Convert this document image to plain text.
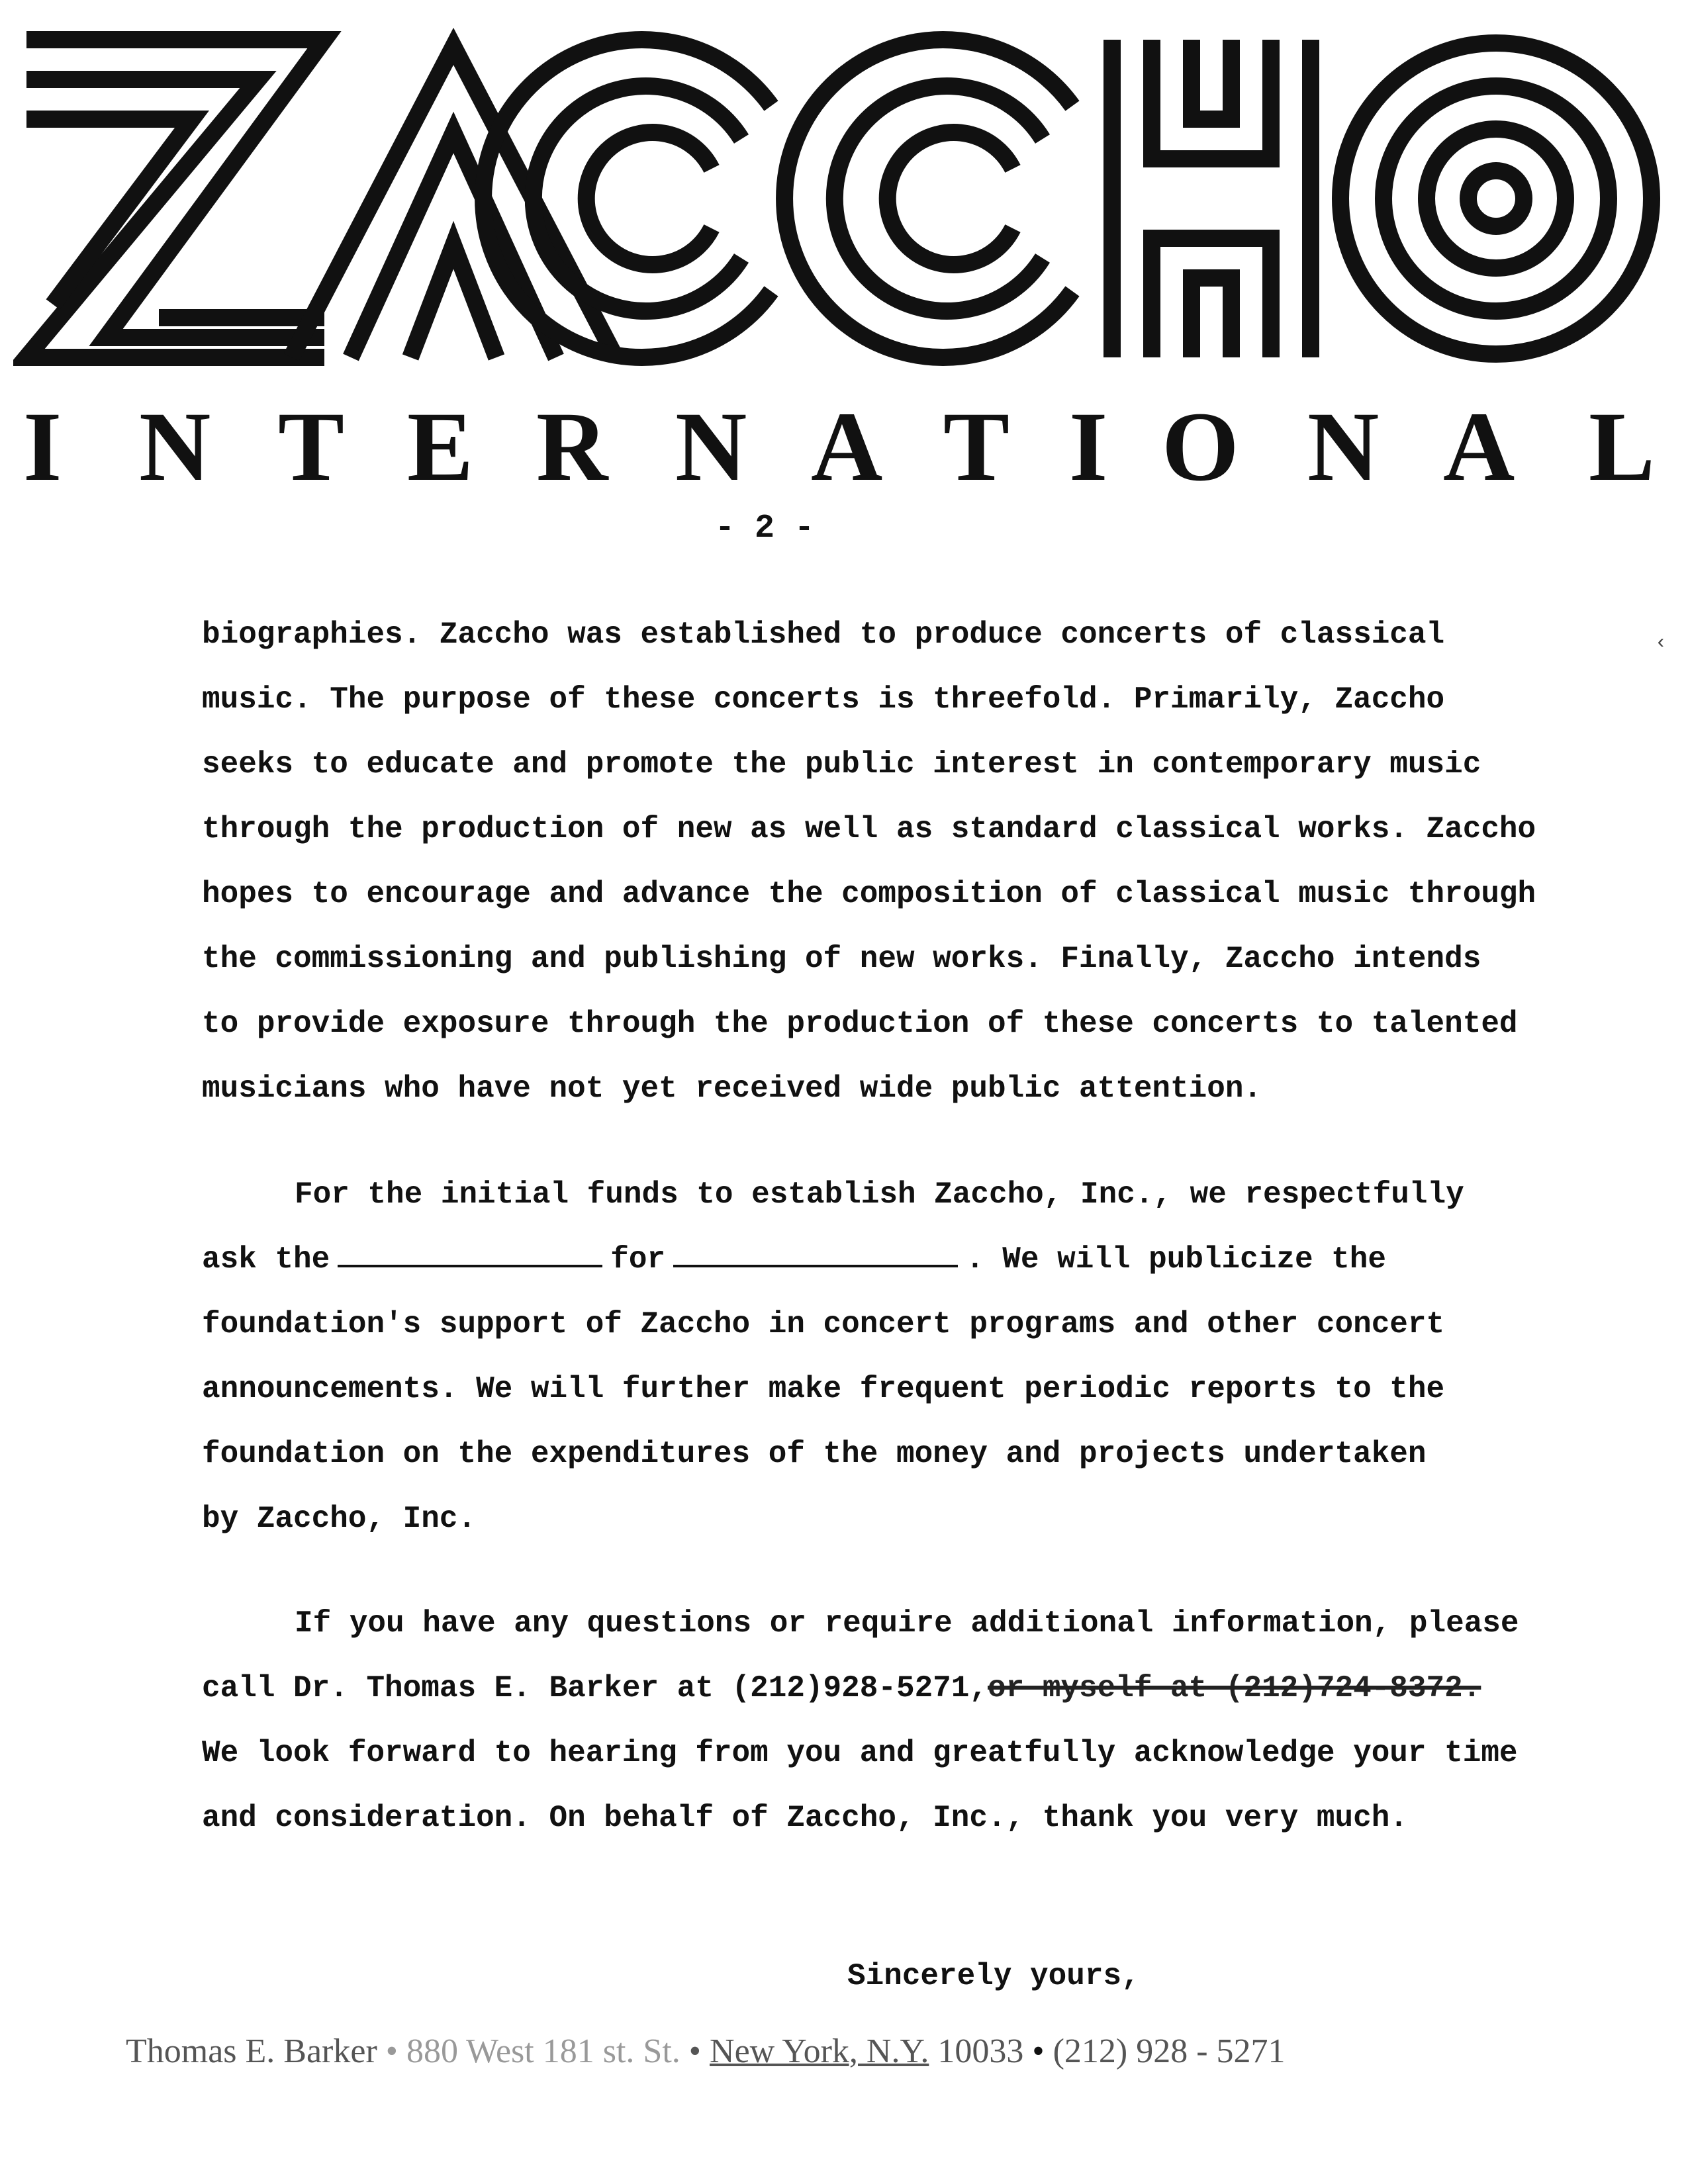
I N T E R N A T I O N A L
- 2 -
‹
biographies. Zaccho was established to produce concerts of classical
music. The purpose of these concerts is threefold. Primarily, Zaccho
seeks to educate and promote the public interest in contemporary music
through the production of new as well as standard classical works. Zaccho
hopes to encourage and advance the composition of classical music through
the commissioning and publishing of new works. Finally, Zaccho intends
to provide exposure through the production of these concerts to talented
musicians who have not yet received wide public attention.
For the initial funds to establish Zaccho, Inc., we respectfully
ask the	for	. We will publicize the
foundation's support of Zaccho in concert programs and other concert
announcements. We will further make frequent periodic reports to the
foundation on the expenditures of the money and projects undertaken
by Zaccho, Inc.
If you have any questions or require additional information, please
call Dr. Thomas E. Barker at (212)928-5271,or myself at (212)724-8372.
We look forward to hearing from you and greatfully acknowledge your time
and consideration. On behalf of Zaccho, Inc., thank you very much.
Sincerely yours,
Thomas E. Barker • 880 West 181 st. St. • New York, N.Y. 10033 • (212) 928 - 5271
